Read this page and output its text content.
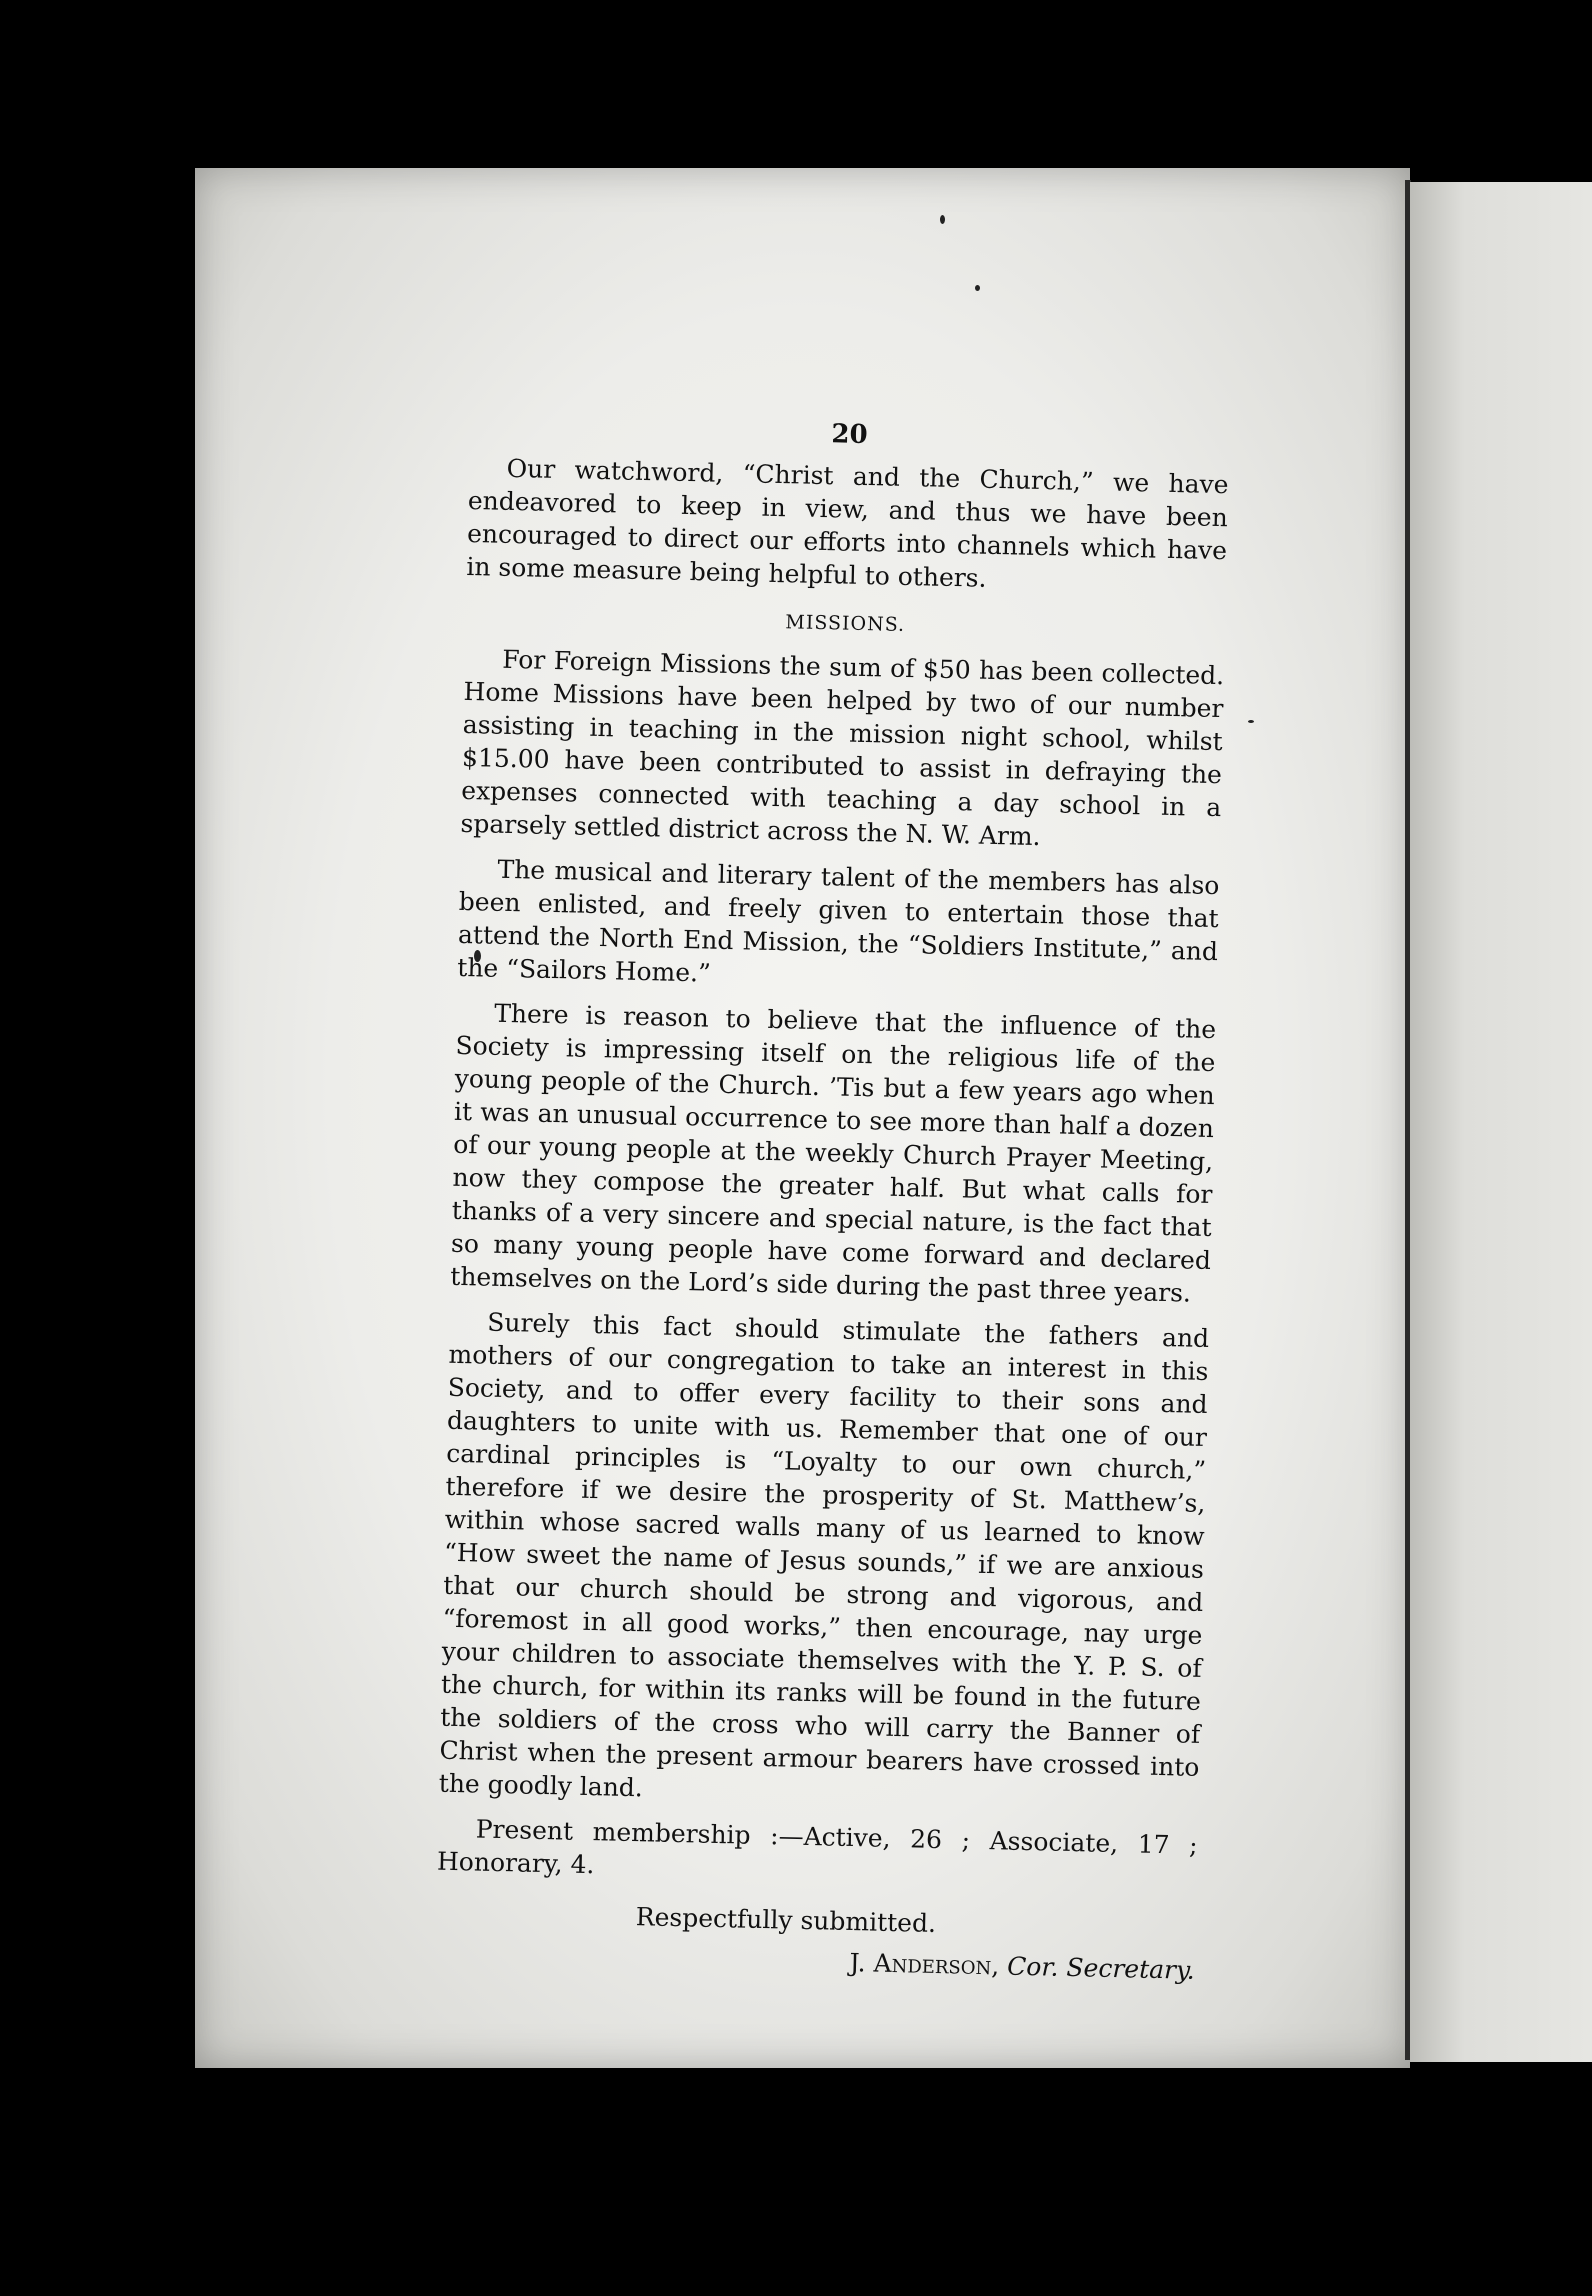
20

Our watchword, “Christ and the Church,” we have endeavored to keep in view, and thus we have been encouraged to direct our efforts into channels which have in some measure being helpful to others.

MISSIONS.

For Foreign Missions the sum of $50 has been collected. Home Missions have been helped by two of our number assisting in teaching in the mission night school, whilst $15.00 have been contributed to assist in defraying the expenses connected with teaching a day school in a sparsely settled district across the N. W. Arm.

The musical and literary talent of the members has also been enlisted, and freely given to entertain those that attend the North End Mission, the “Soldiers Institute,” and the “Sailors Home.”

There is reason to believe that the influence of the Society is impressing itself on the religious life of the young people of the Church. ’Tis but a few years ago when it was an unusual occurrence to see more than half a dozen of our young people at the weekly Church Prayer Meeting, now they compose the greater half. But what calls for thanks of a very sincere and special nature, is the fact that so many young people have come forward and declared themselves on the Lord’s side during the past three years.

Surely this fact should stimulate the fathers and mothers of our congregation to take an interest in this Society, and to offer every facility to their sons and daughters to unite with us. Remember that one of our cardinal principles is “Loyalty to our own church,” therefore if we desire the prosperity of St. Matthew’s, within whose sacred walls many of us learned to know “How sweet the name of Jesus sounds,” if we are anxious that our church should be strong and vigorous, and “foremost in all good works,” then encourage, nay urge your children to associate themselves with the Y. P. S. of the church, for within its ranks will be found in the future the soldiers of the cross who will carry the Banner of Christ when the present armour bearers have crossed into the goodly land.

Present membership :—Active, 26 ; Associate, 17 ; Honorary, 4.

Respectfully submitted.
J. Anderson, Cor. Secretary.
